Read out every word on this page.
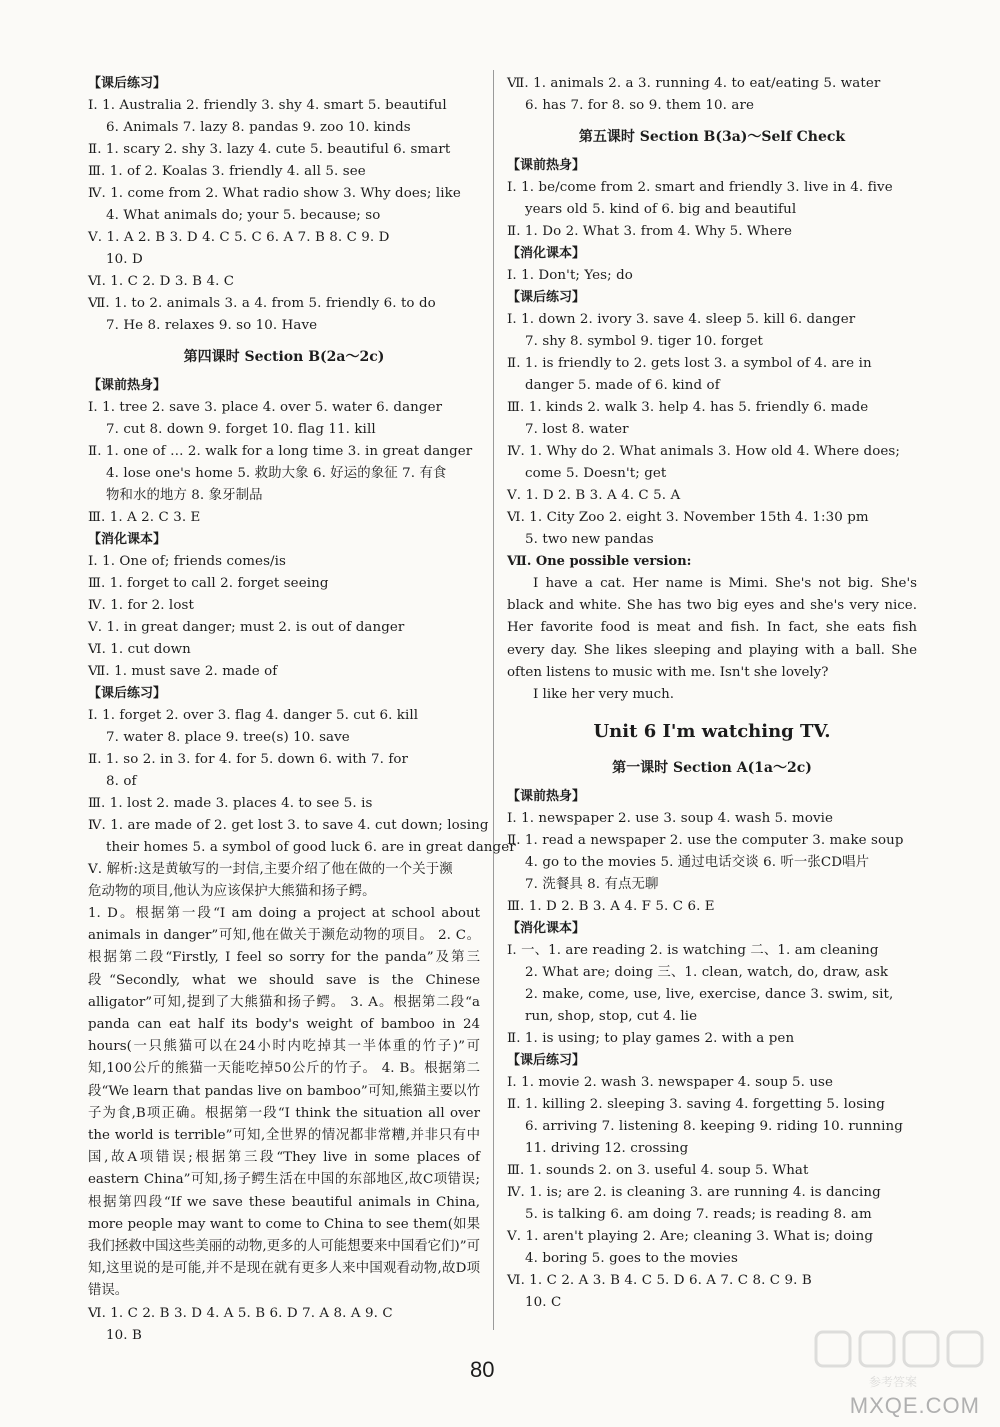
【课后练习】
Ⅰ. 1. Australia 2. friendly 3. shy 4. smart 5. beautiful
6. Animals 7. lazy 8. pandas 9. zoo 10. kinds
Ⅱ. 1. scary 2. shy 3. lazy 4. cute 5. beautiful 6. smart
Ⅲ. 1. of 2. Koalas 3. friendly 4. all 5. see
Ⅳ. 1. come from 2. What radio show 3. Why does; like
4. What animals do; your 5. because; so
Ⅴ. 1. A 2. B 3. D 4. C 5. C 6. A 7. B 8. C 9. D
10. D
Ⅵ. 1. C 2. D 3. B 4. C
Ⅶ. 1. to 2. animals 3. a 4. from 5. friendly 6. to do
7. He 8. relaxes 9. so 10. Have
第四课时 Section B(2a～2c)
【课前热身】
Ⅰ. 1. tree 2. save 3. place 4. over 5. water 6. danger
7. cut 8. down 9. forget 10. flag 11. kill
Ⅱ. 1. one of … 2. walk for a long time 3. in great danger
4. lose one's home 5. 救助大象 6. 好运的象征 7. 有食
物和水的地方 8. 象牙制品
Ⅲ. 1. A 2. C 3. E
【消化课本】
Ⅰ. 1. One of; friends comes/is
Ⅲ. 1. forget to call 2. forget seeing
Ⅳ. 1. for 2. lost
Ⅴ. 1. in great danger; must 2. is out of danger
Ⅵ. 1. cut down
Ⅶ. 1. must save 2. made of
【课后练习】
Ⅰ. 1. forget 2. over 3. flag 4. danger 5. cut 6. kill
7. water 8. place 9. tree(s) 10. save
Ⅱ. 1. so 2. in 3. for 4. for 5. down 6. with 7. for
8. of
Ⅲ. 1. lost 2. made 3. places 4. to see 5. is
Ⅳ. 1. are made of 2. get lost 3. to save 4. cut down; losing
their homes 5. a symbol of good luck 6. are in great danger
Ⅴ. 解析:这是黄敏写的一封信,主要介绍了他在做的一个关于濒
危动物的项目,他认为应该保护大熊猫和扬子鳄。
1. D。根据第一段“I am doing a project at school about animals in danger”可知,他在做关于濒危动物的项目。 2. C。根据第二段“Firstly, I feel so sorry for the panda”及第三段“Secondly, what we should save is the Chinese alligator”可知,提到了大熊猫和扬子鳄。 3. A。根据第二段“a panda can eat half its body's weight of bamboo in 24 hours(一只熊猫可以在24小时内吃掉其一半体重的竹子)”可知,100公斤的熊猫一天能吃掉50公斤的竹子。 4. B。根据第二段“We learn that pandas live on bamboo”可知,熊猫主要以竹子为食,B项正确。根据第一段“I think the situation all over the world is terrible”可知,全世界的情况都非常糟,并非只有中国,故A项错误;根据第三段“They live in some places of eastern China”可知,扬子鳄生活在中国的东部地区,故C项错误;根据第四段“If we save these beautiful animals in China, more people may want to come to China to see them(如果我们拯救中国这些美丽的动物,更多的人可能想要来中国看它们)”可知,这里说的是可能,并不是现在就有更多人来中国观看动物,故D项错误。
Ⅵ. 1. C 2. B 3. D 4. A 5. B 6. D 7. A 8. A 9. C
10. B
Ⅶ. 1. animals 2. a 3. running 4. to eat/eating 5. water
6. has 7. for 8. so 9. them 10. are
第五课时 Section B(3a)～Self Check
【课前热身】
Ⅰ. 1. be/come from 2. smart and friendly 3. live in 4. five
years old 5. kind of 6. big and beautiful
Ⅱ. 1. Do 2. What 3. from 4. Why 5. Where
【消化课本】
Ⅰ. 1. Don't; Yes; do
【课后练习】
Ⅰ. 1. down 2. ivory 3. save 4. sleep 5. kill 6. danger
7. shy 8. symbol 9. tiger 10. forget
Ⅱ. 1. is friendly to 2. gets lost 3. a symbol of 4. are in
danger 5. made of 6. kind of
Ⅲ. 1. kinds 2. walk 3. help 4. has 5. friendly 6. made
7. lost 8. water
Ⅳ. 1. Why do 2. What animals 3. How old 4. Where does;
come 5. Doesn't; get
Ⅴ. 1. D 2. B 3. A 4. C 5. A
Ⅵ. 1. City Zoo 2. eight 3. November 15th 4. 1:30 pm
5. two new pandas
Ⅶ. One possible version:
I have a cat. Her name is Mimi. She's not big. She's black and white. She has two big eyes and she's very nice. Her favorite food is meat and fish. In fact, she eats fish every day. She likes sleeping and playing with a ball. She often listens to music with me. Isn't she lovely?
I like her very much.
Unit 6 I'm watching TV.
第一课时 Section A(1a～2c)
【课前热身】
Ⅰ. 1. newspaper 2. use 3. soup 4. wash 5. movie
Ⅱ. 1. read a newspaper 2. use the computer 3. make soup
4. go to the movies 5. 通过电话交谈 6. 听一张CD唱片
7. 洗餐具 8. 有点无聊
Ⅲ. 1. D 2. B 3. A 4. F 5. C 6. E
【消化课本】
Ⅰ. 一、1. are reading 2. is watching 二、1. am cleaning
2. What are; doing 三、1. clean, watch, do, draw, ask
2. make, come, use, live, exercise, dance 3. swim, sit,
run, shop, stop, cut 4. lie
Ⅱ. 1. is using; to play games 2. with a pen
【课后练习】
Ⅰ. 1. movie 2. wash 3. newspaper 4. soup 5. use
Ⅱ. 1. killing 2. sleeping 3. saving 4. forgetting 5. losing
6. arriving 7. listening 8. keeping 9. riding 10. running
11. driving 12. crossing
Ⅲ. 1. sounds 2. on 3. useful 4. soup 5. What
Ⅳ. 1. is; are 2. is cleaning 3. are running 4. is dancing
5. is talking 6. am doing 7. reads; is reading 8. am
Ⅴ. 1. aren't playing 2. Are; cleaning 3. What is; doing
4. boring 5. goes to the movies
Ⅵ. 1. C 2. A 3. B 4. C 5. D 6. A 7. C 8. C 9. B
10. C
80	参考答案
MXQE.COM
